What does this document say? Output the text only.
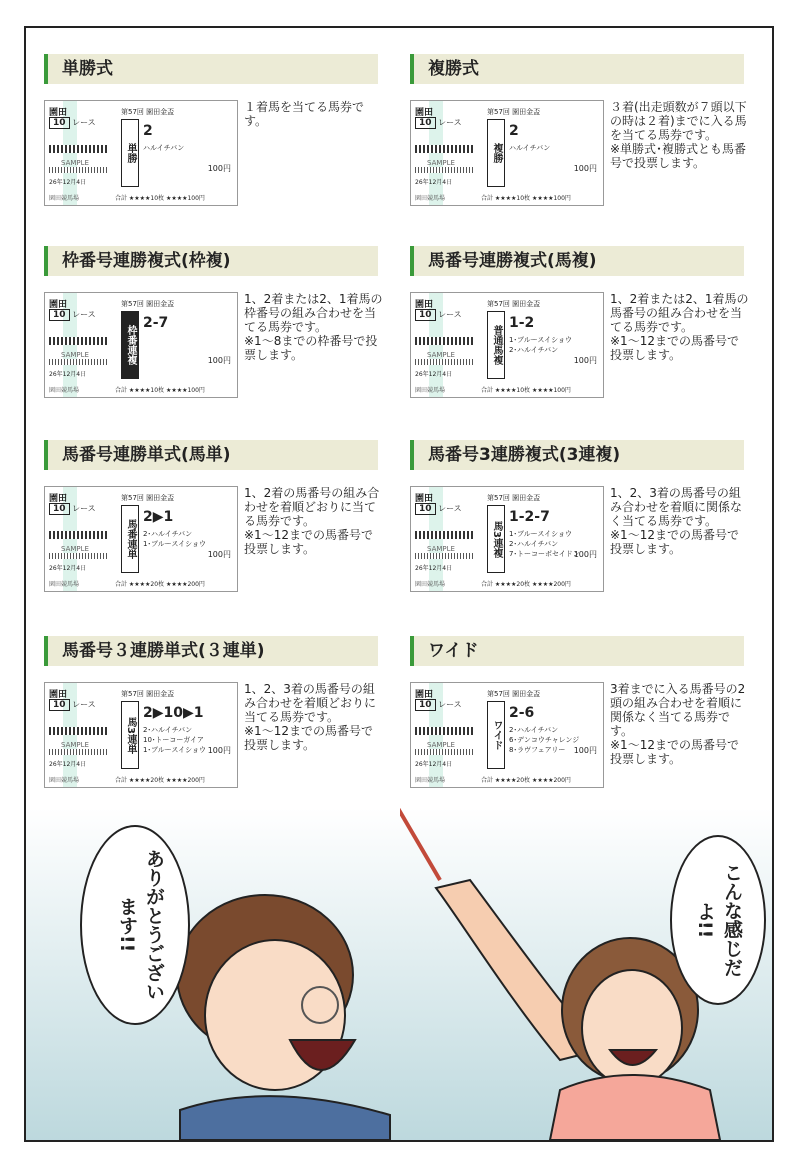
単勝式
園田
10 レース
SAMPLE
26年12月4日
第57回 園田金盃
単勝
2
ハルイチバン
100円
園田競馬場	合計 ★★★★10枚 ★★★★100円
１着馬を当てる馬券です。
複勝式
園田
10 レース
SAMPLE
26年12月4日
第57回 園田金盃
複勝
2
ハルイチバン
100円
園田競馬場	合計 ★★★★10枚 ★★★★100円
３着(出走頭数が７頭以下の時は２着)までに入る馬を当てる馬券です。
※単勝式･複勝式とも馬番号で投票します。
枠番号連勝複式(枠複)
園田
10 レース
SAMPLE
26年12月4日
第57回 園田金盃
枠番連複
2-7
100円
園田競馬場	合計 ★★★★10枚 ★★★★100円
1、2着または2、1着馬の枠番号の組み合わせを当てる馬券です。
※1～8までの枠番号で投票します。
馬番号連勝複式(馬複)
園田
10 レース
SAMPLE
26年12月4日
第57回 園田金盃
普通馬複
1-2
1･ブルースイショウ
2･ハルイチバン
100円
園田競馬場	合計 ★★★★10枚 ★★★★100円
1、2着または2、1着馬の馬番号の組み合わせを当てる馬券です。
※1～12までの馬番号で投票します。
馬番号連勝単式(馬単)
園田
10 レース
SAMPLE
26年12月4日
第57回 園田金盃
馬番連単
2▶1
2･ハルイチバン
1･ブルースイショウ
100円
園田競馬場	合計 ★★★★20枚 ★★★★200円
1、2着の馬番号の組み合わせを着順どおりに当てる馬券です。
※1～12までの馬番号で投票します。
馬番号3連勝複式(3連複)
園田
10 レース
SAMPLE
26年12月4日
第57回 園田金盃
馬3連複
1-2-7
1･ブルースイショウ
2･ハルイチバン
7･トーコーポセイドン
100円
園田競馬場	合計 ★★★★20枚 ★★★★200円
1、2、3着の馬番号の組み合わせを着順に関係なく当てる馬券です。
※1～12までの馬番号で投票します。
馬番号３連勝単式(３連単)
園田
10 レース
SAMPLE
26年12月4日
第57回 園田金盃
馬3連単
2▶10▶1
2･ハルイチバン
10･トーコーガイア
1･ブルースイショウ 100円
園田競馬場	合計 ★★★★20枚 ★★★★200円
1、2、3着の馬番号の組み合わせを着順どおりに当てる馬券です。
※1～12までの馬番号で投票します。
ワイド
園田
10 レース
SAMPLE
26年12月4日
第57回 園田金盃
ワイド
2-6
2･ハルイチバン
6･デンコウチャレンジ
8･ラヴフェアリー	100円
園田競馬場	合計 ★★★★20枚 ★★★★200円
3着までに入る馬番号の2頭の組み合わせを着順に関係なく当てる馬券です。
※1～12までの馬番号で投票します。
ありがとうございます!!	こんな感じだよ!!
